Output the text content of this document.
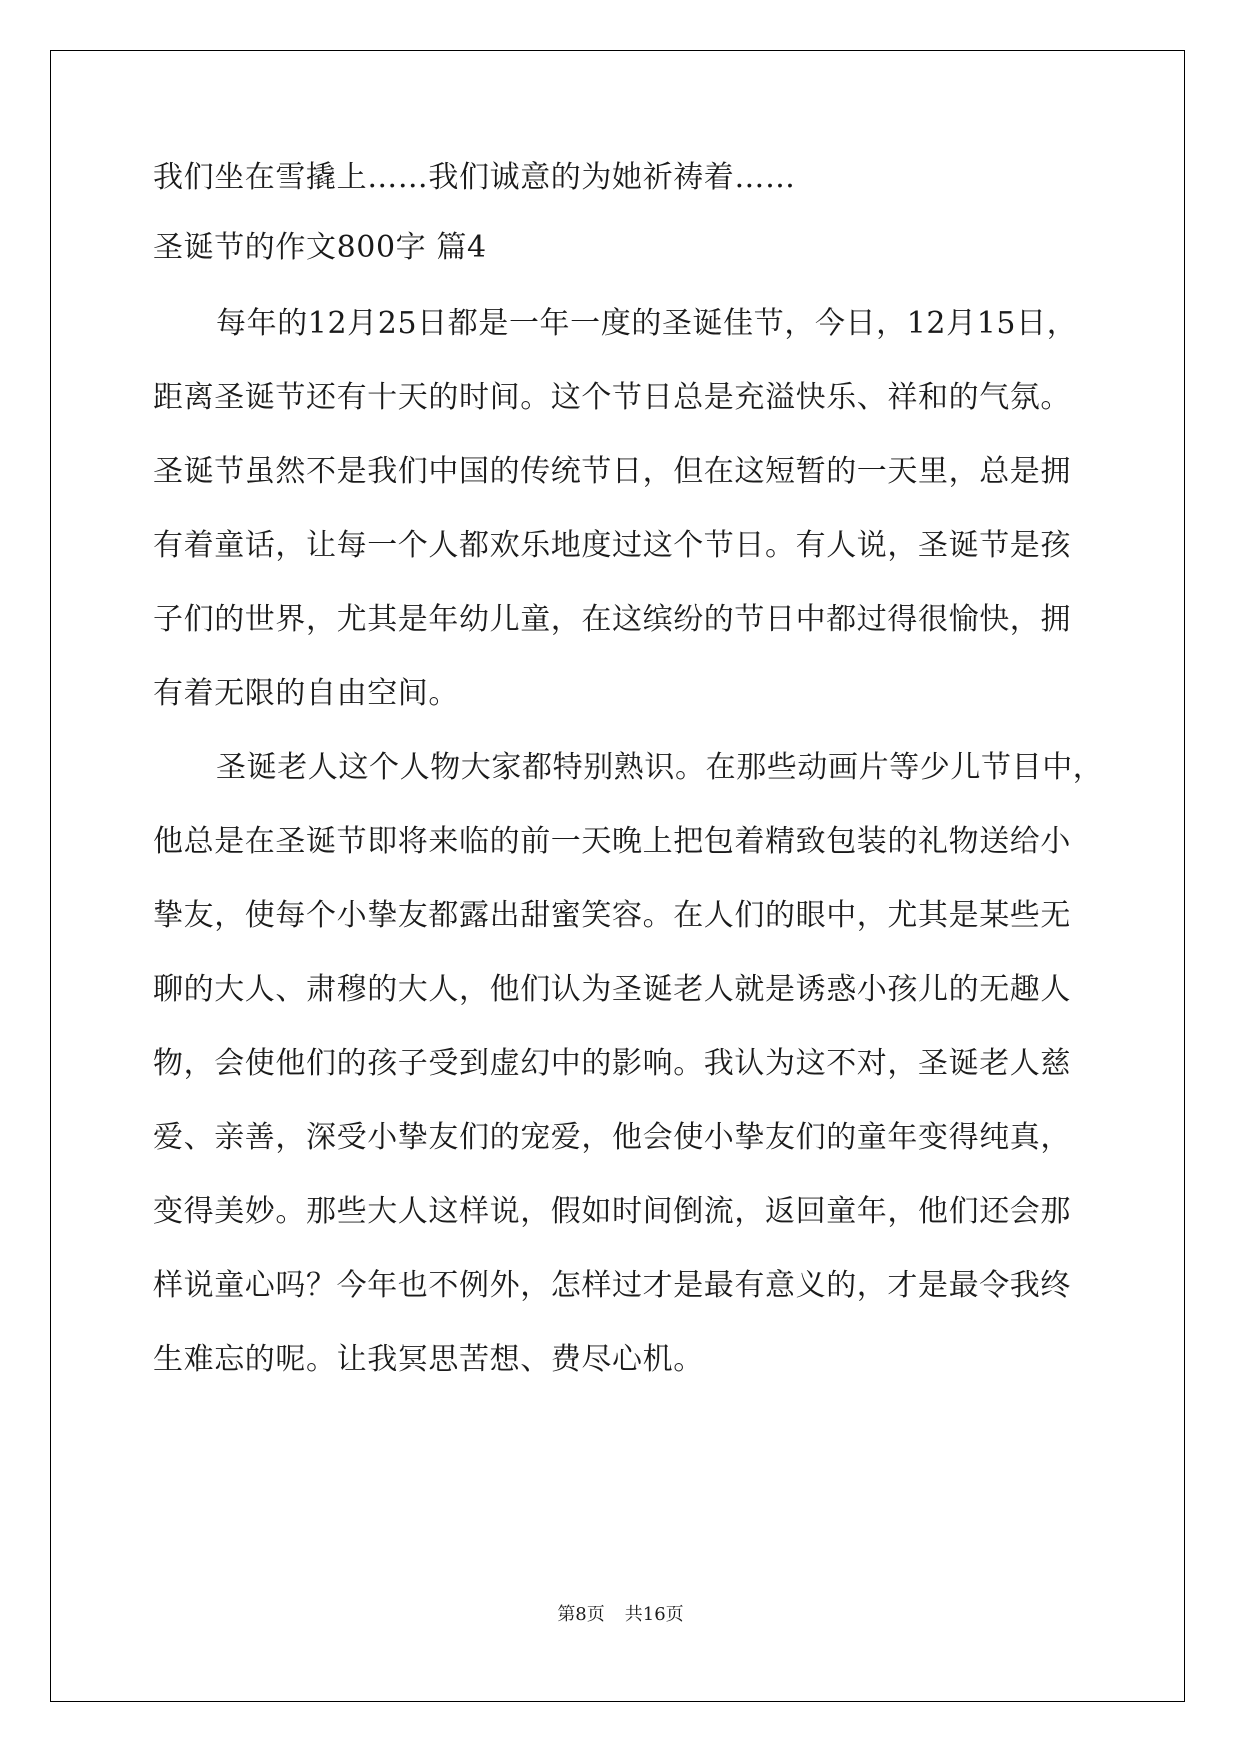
我们坐在雪撬上……我们诚意的为她祈祷着……

圣诞节的作文800字 篇4

每年的12月25日都是一年一度的圣诞佳节，今日，12月15日，

距离圣诞节还有十天的时间。这个节日总是充溢快乐、祥和的气氛。

圣诞节虽然不是我们中国的传统节日，但在这短暂的一天里，总是拥

有着童话，让每一个人都欢乐地度过这个节日。有人说，圣诞节是孩

子们的世界，尤其是年幼儿童，在这缤纷的节日中都过得很愉快，拥

有着无限的自由空间。

圣诞老人这个人物大家都特别熟识。在那些动画片等少儿节目中，

他总是在圣诞节即将来临的前一天晚上把包着精致包装的礼物送给小

挚友，使每个小挚友都露出甜蜜笑容。在人们的眼中，尤其是某些无

聊的大人、肃穆的大人，他们认为圣诞老人就是诱惑小孩儿的无趣人

物，会使他们的孩子受到虚幻中的影响。我认为这不对，圣诞老人慈

爱、亲善，深受小挚友们的宠爱，他会使小挚友们的童年变得纯真，

变得美妙。那些大人这样说，假如时间倒流，返回童年，他们还会那

样说童心吗？今年也不例外，怎样过才是最有意义的，才是最令我终

生难忘的呢。让我冥思苦想、费尽心机。

第8页 共16页
